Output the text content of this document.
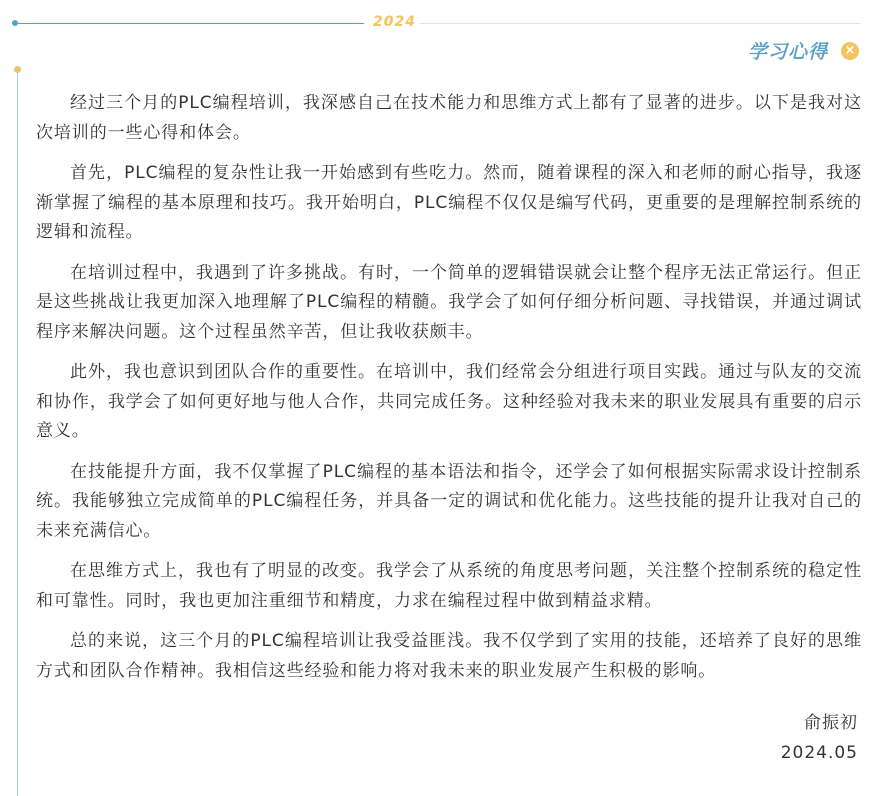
2024
学习心得 ×

经过三个月的PLC编程培训，我深感自己在技术能力和思维方式上都有了显著的进步。以下是我对这次培训的一些心得和体会。

首先，PLC编程的复杂性让我一开始感到有些吃力。然而，随着课程的深入和老师的耐心指导，我逐渐掌握了编程的基本原理和技巧。我开始明白，PLC编程不仅仅是编写代码，更重要的是理解控制系统的逻辑和流程。

在培训过程中，我遇到了许多挑战。有时，一个简单的逻辑错误就会让整个程序无法正常运行。但正是这些挑战让我更加深入地理解了PLC编程的精髓。我学会了如何仔细分析问题、寻找错误，并通过调试程序来解决问题。这个过程虽然辛苦，但让我收获颇丰。

此外，我也意识到团队合作的重要性。在培训中，我们经常会分组进行项目实践。通过与队友的交流和协作，我学会了如何更好地与他人合作，共同完成任务。这种经验对我未来的职业发展具有重要的启示意义。

在技能提升方面，我不仅掌握了PLC编程的基本语法和指令，还学会了如何根据实际需求设计控制系统。我能够独立完成简单的PLC编程任务，并具备一定的调试和优化能力。这些技能的提升让我对自己的未来充满信心。

在思维方式上，我也有了明显的改变。我学会了从系统的角度思考问题，关注整个控制系统的稳定性和可靠性。同时，我也更加注重细节和精度，力求在编程过程中做到精益求精。

总的来说，这三个月的PLC编程培训让我受益匪浅。我不仅学到了实用的技能，还培养了良好的思维方式和团队合作精神。我相信这些经验和能力将对我未来的职业发展产生积极的影响。

俞振初
2024.05
